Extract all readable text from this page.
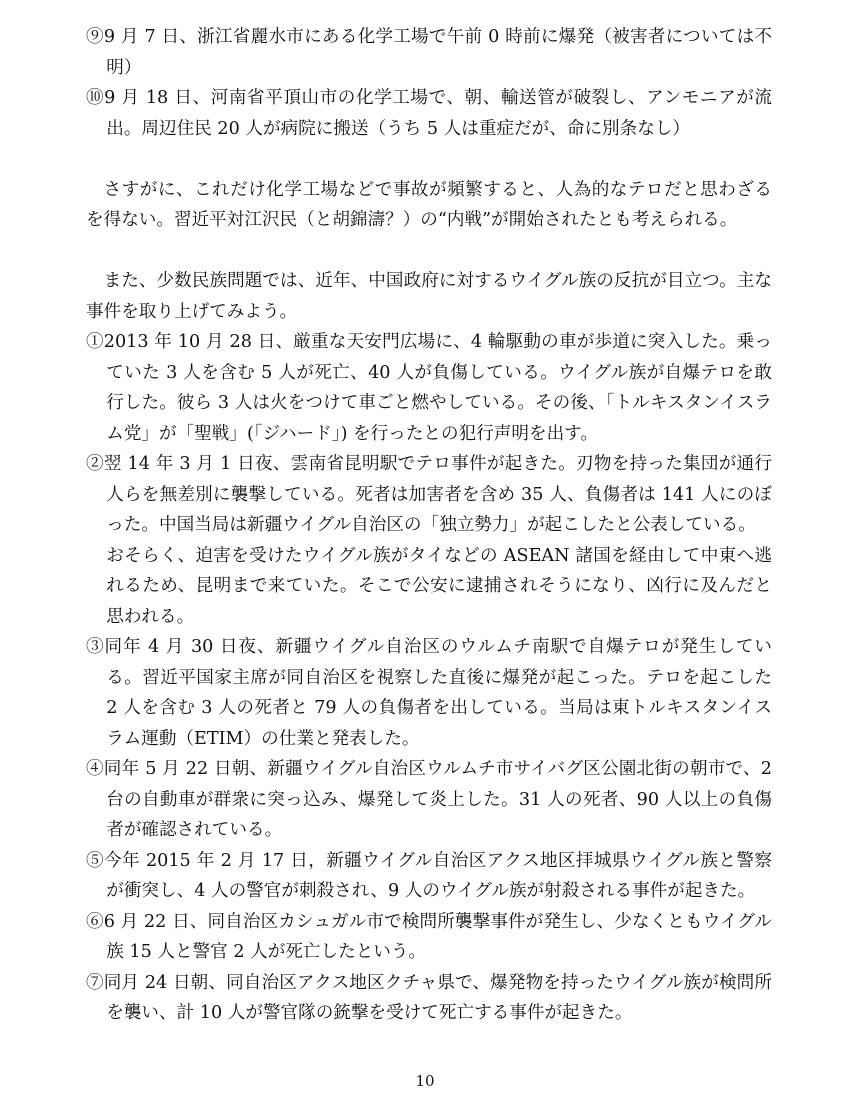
⑨9 月 7 日、浙江省麗水市にある化学工場で午前 0 時前に爆発（被害者については不明）

⑩9 月 18 日、河南省平頂山市の化学工場で、朝、輸送管が破裂し、アンモニアが流出。周辺住民 20 人が病院に搬送（うち 5 人は重症だが、命に別条なし）

さすがに、これだけ化学工場などで事故が頻繁すると、人為的なテロだと思わざるを得ない。習近平対江沢民（と胡錦濤？）の“内戦”が開始されたとも考えられる。

また、少数民族問題では、近年、中国政府に対するウイグル族の反抗が目立つ。主な事件を取り上げてみよう。

①2013 年 10 月 28 日、厳重な天安門広場に、4 輪駆動の車が歩道に突入した。乗っていた 3 人を含む 5 人が死亡、40 人が負傷している。ウイグル族が自爆テロを敢行した。彼ら 3 人は火をつけて車ごと燃やしている。その後、「トルキスタンイスラム党」が「聖戦」(「ジハード」) を行ったとの犯行声明を出す。

②翌 14 年 3 月 1 日夜、雲南省昆明駅でテロ事件が起きた。刃物を持った集団が通行人らを無差別に襲撃している。死者は加害者を含め 35 人、負傷者は 141 人にのぼった。中国当局は新疆ウイグル自治区の「独立勢力」が起こしたと公表している。

おそらく、迫害を受けたウイグル族がタイなどの ASEAN 諸国を経由して中東へ逃れるため、昆明まで来ていた。そこで公安に逮捕されそうになり、凶行に及んだと思われる。

③同年 4 月 30 日夜、新疆ウイグル自治区のウルムチ南駅で自爆テロが発生している。習近平国家主席が同自治区を視察した直後に爆発が起こった。テロを起こした 2 人を含む 3 人の死者と 79 人の負傷者を出している。当局は東トルキスタンイスラム運動（ETIM）の仕業と発表した。

④同年 5 月 22 日朝、新疆ウイグル自治区ウルムチ市サイバグ区公園北街の朝市で、2 台の自動車が群衆に突っ込み、爆発して炎上した。31 人の死者、90 人以上の負傷者が確認されている。

⑤今年 2015 年 2 月 17 日，新疆ウイグル自治区アクス地区拝城県ウイグル族と警察が衝突し、4 人の警官が刺殺され、9 人のウイグル族が射殺される事件が起きた。

⑥6 月 22 日、同自治区カシュガル市で検問所襲撃事件が発生し、少なくともウイグル族 15 人と警官 2 人が死亡したという。

⑦同月 24 日朝、同自治区アクス地区クチャ県で、爆発物を持ったウイグル族が検問所を襲い、計 10 人が警官隊の銃撃を受けて死亡する事件が起きた。

10
